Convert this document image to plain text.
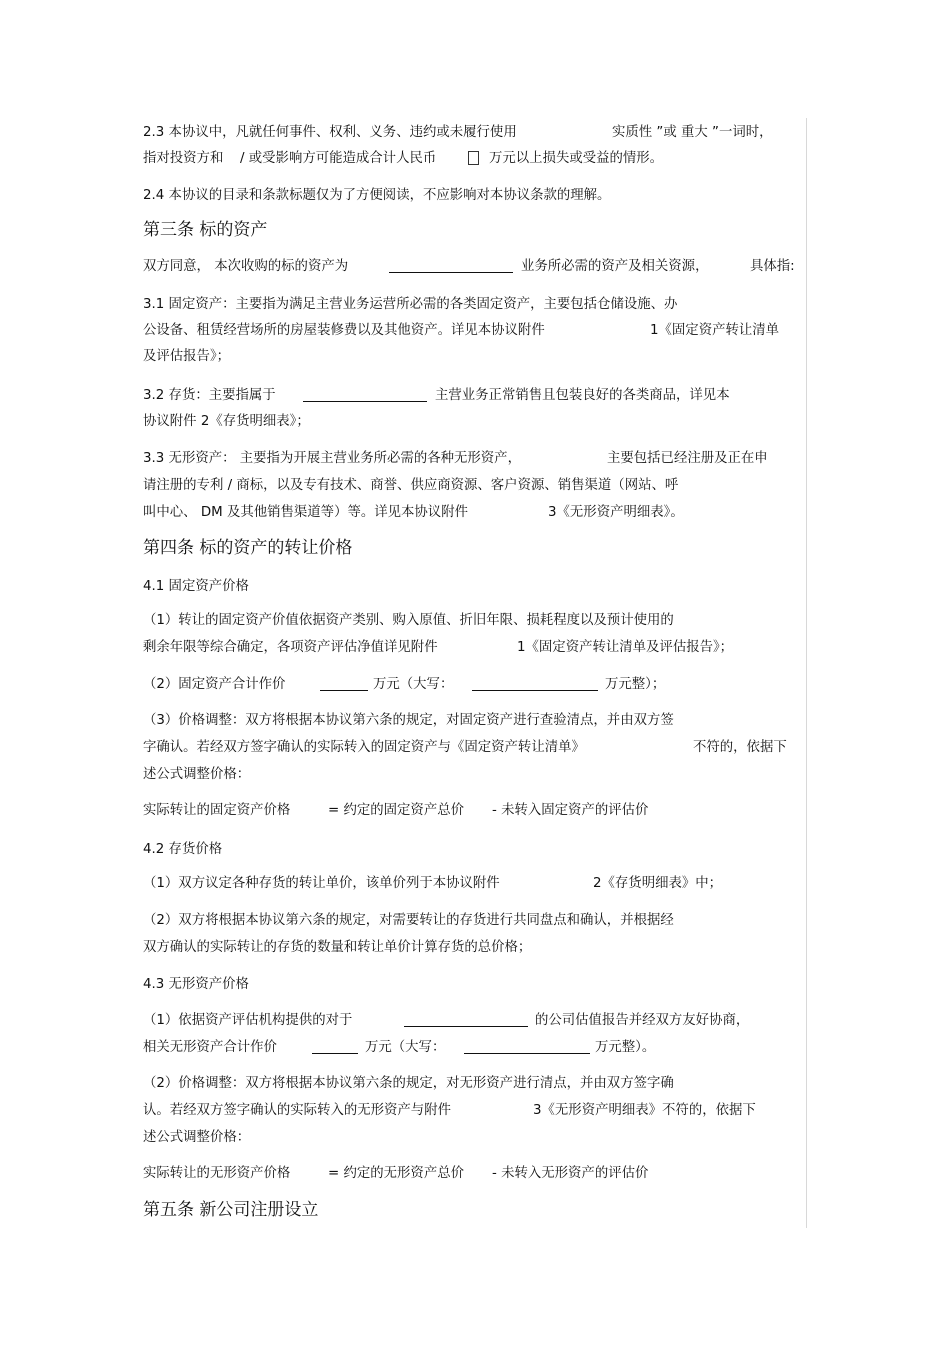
2.3 本协议中，凡就任何事件、权利、义务、违约或未履行使用	实质性 ”或 重大 ”一词时，
指对投资方和 / 或受影响方可能造成合计人民币	万元以上损失或受益的情形。
2.4 本协议的目录和条款标题仅为了方便阅读，不应影响对本协议条款的理解。
第三条 标的资产
双方同意， 本次收购的标的资产为	业务所必需的资产及相关资源，	具体指:
3.1 固定资产：主要指为满足主营业务运营所必需的各类固定资产，主要包括仓储设施、办
公设备、租赁经营场所的房屋装修费以及其他资产。详见本协议附件	1《固定资产转让清单
及评估报告》；
3.2 存货：主要指属于	主营业务正常销售且包装良好的各类商品，详见本
协议附件 2《存货明细表》；
3.3 无形资产： 主要指为开展主营业务所必需的各种无形资产，	主要包括已经注册及正在申
请注册的专利 / 商标，以及专有技术、商誉、供应商资源、客户资源、销售渠道（网站、呼
叫中心、 DM 及其他销售渠道等）等。详见本协议附件	3《无形资产明细表》。
第四条 标的资产的转让价格
4.1 固定资产价格
（1）转让的固定资产价值依据资产类别、购入原值、折旧年限、损耗程度以及预计使用的
剩余年限等综合确定，各项资产评估净值详见附件	1《固定资产转让清单及评估报告》；
（2）固定资产合计作价	万元（大写：	万元整）；
（3）价格调整：双方将根据本协议第六条的规定，对固定资产进行查验清点，并由双方签
字确认。若经双方签字确认的实际转入的固定资产与《固定资产转让清单》	不符的，依据下
述公式调整价格：
实际转让的固定资产价格	= 约定的固定资产总价 - 未转入固定资产的评估价
4.2 存货价格
（1）双方议定各种存货的转让单价，该单价列于本协议附件	2《存货明细表》中；
（2）双方将根据本协议第六条的规定，对需要转让的存货进行共同盘点和确认，并根据经
双方确认的实际转让的存货的数量和转让单价计算存货的总价格；
4.3 无形资产价格
（1）依据资产评估机构提供的对于	的公司估值报告并经双方友好协商，
相关无形资产合计作价	万元（大写：	万元整）。
（2）价格调整：双方将根据本协议第六条的规定，对无形资产进行清点，并由双方签字确
认。若经双方签字确认的实际转入的无形资产与附件	3《无形资产明细表》不符的，依据下
述公式调整价格：
实际转让的无形资产价格	= 约定的无形资产总价 - 未转入无形资产的评估价
第五条 新公司注册设立
